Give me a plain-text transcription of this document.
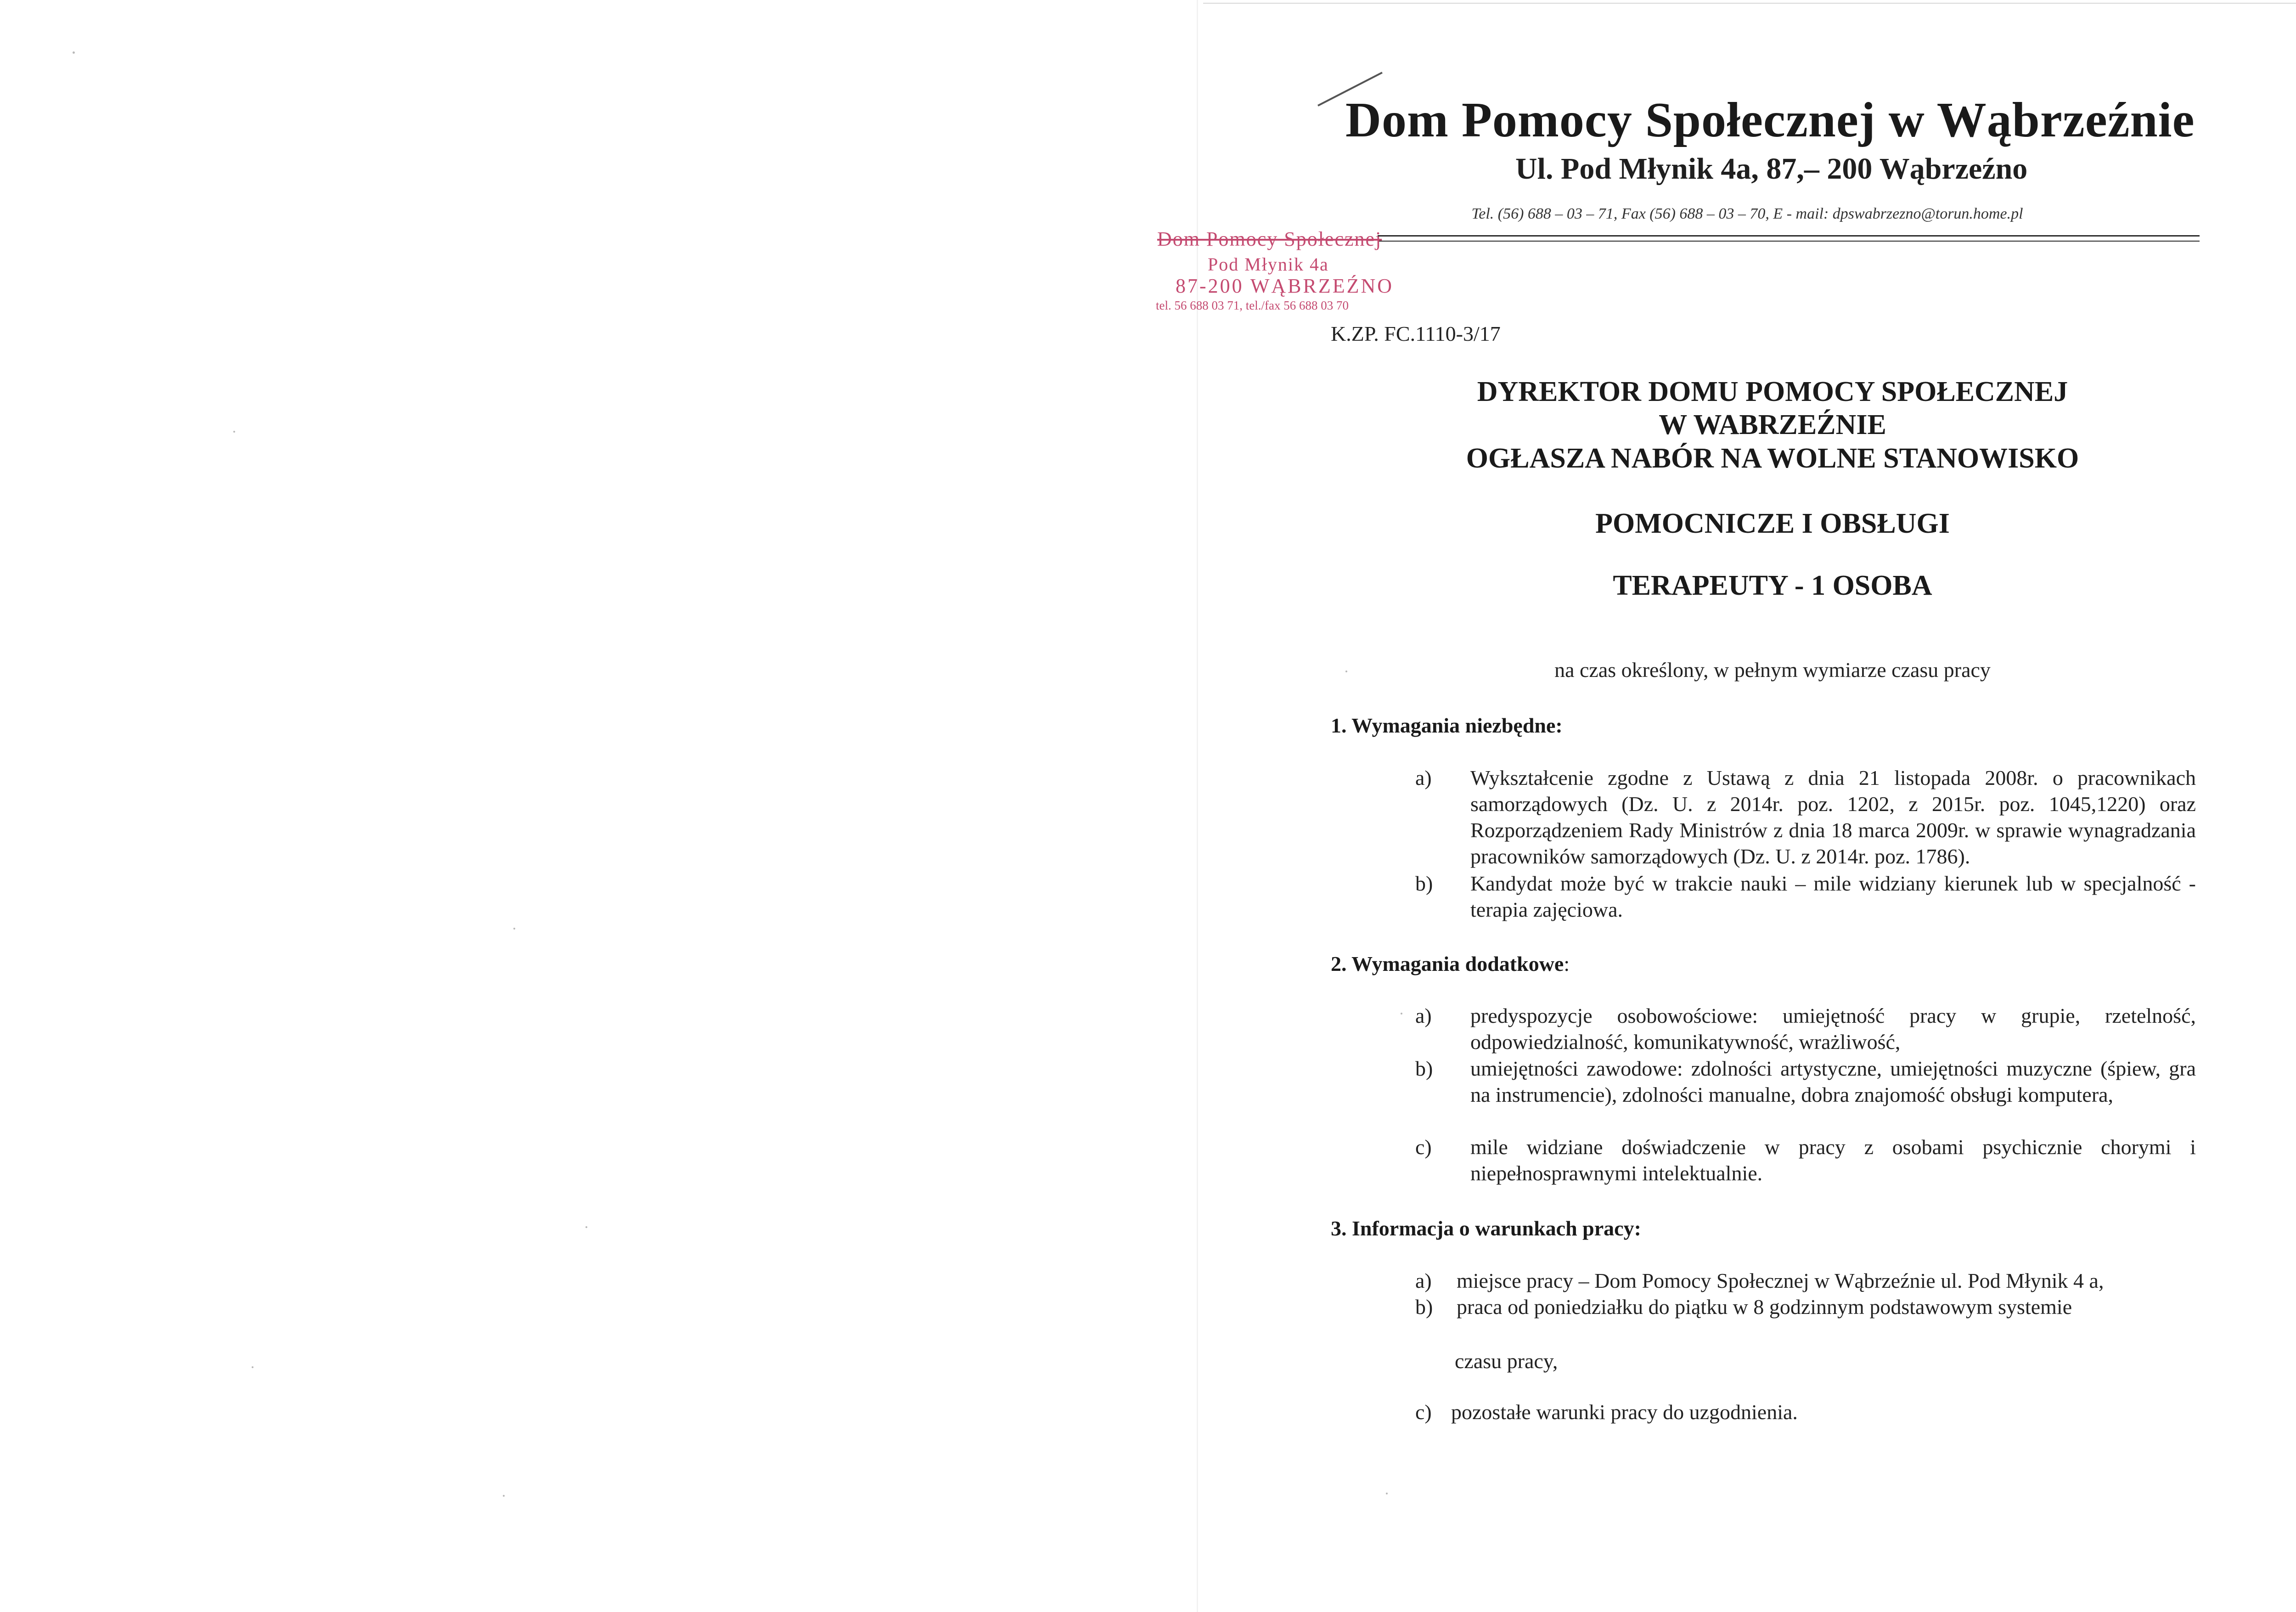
Dom Pomocy Społecznej w Wąbrzeźnie
Ul. Pod Młynik 4a, 87,– 200 Wąbrzeźno
Tel. (56) 688 – 03 – 71, Fax (56) 688 – 03 – 70, E - mail: dpswabrzezno@torun.home.pl
Dom Pomocy Społecznej
Pod Młynik 4a
87-200 WĄBRZEŹNO
tel. 56 688 03 71, tel./fax 56 688 03 70
K.ZP. FC.1110-3/17
DYREKTOR DOMU POMOCY SPOŁECZNEJ
W WABRZEŹNIE
OGŁASZA NABÓR NA WOLNE STANOWISKO
POMOCNICZE I OBSŁUGI
TERAPEUTY - 1 OSOBA
na czas określony, w pełnym wymiarze czasu pracy
1. Wymagania niezbędne:
a) Wykształcenie zgodne z Ustawą z dnia 21 listopada 2008r. o pracownikach samorządowych (Dz. U. z 2014r. poz. 1202, z 2015r. poz. 1045,1220) oraz Rozporządzeniem Rady Ministrów z dnia 18 marca 2009r. w sprawie wynagradzania pracowników samorządowych (Dz. U. z 2014r. poz. 1786).
b) Kandydat może być w trakcie nauki – mile widziany kierunek lub w specjalność - terapia zajęciowa.
2. Wymagania dodatkowe:
a) predyspozycje osobowościowe: umiejętność pracy w grupie, rzetelność, odpowiedzialność, komunikatywność, wrażliwość,
b) umiejętności zawodowe: zdolności artystyczne, umiejętności muzyczne (śpiew, gra na instrumencie), zdolności manualne, dobra znajomość obsługi komputera,
c) mile widziane doświadczenie w pracy z osobami psychicznie chorymi i niepełnosprawnymi intelektualnie.
3. Informacja o warunkach pracy:
a) miejsce pracy – Dom Pomocy Społecznej w Wąbrzeźnie ul. Pod Młynik 4 a,
b) praca od poniedziałku do piątku w 8 godzinnym podstawowym systemie
czasu pracy,
c) pozostałe warunki pracy do uzgodnienia.
